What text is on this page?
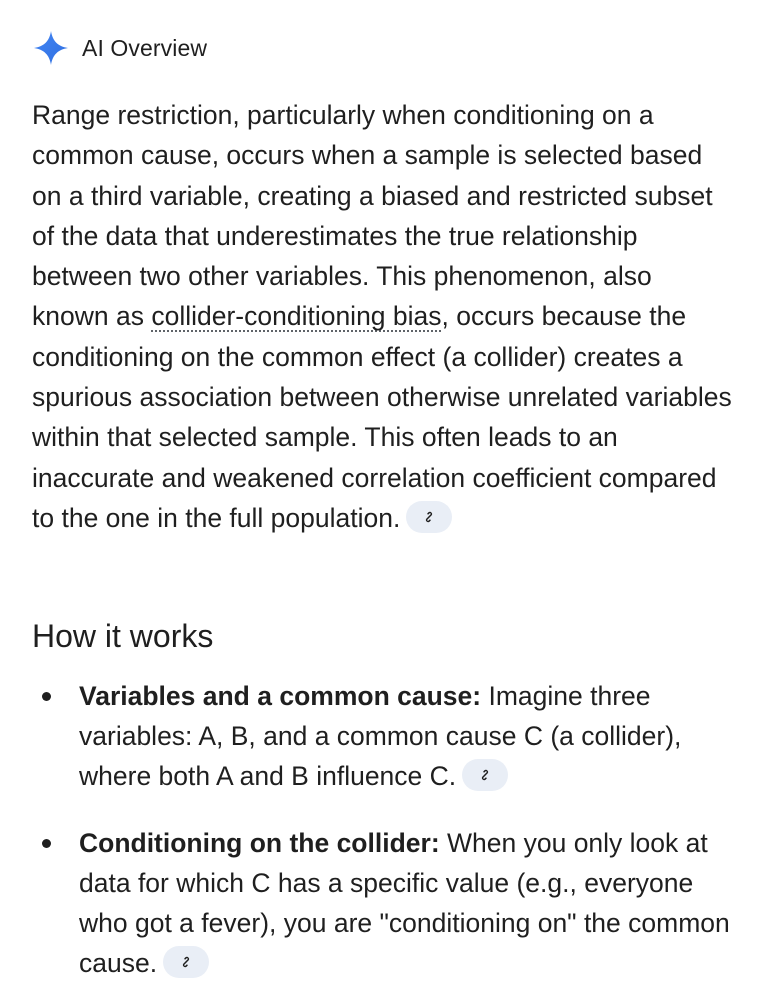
AI Overview

Range restriction, particularly when conditioning on a common cause, occurs when a sample is selected based on a third variable, creating a biased and restricted subset of the data that underestimates the true relationship between two other variables. This phenomenon, also known as collider-conditioning bias, occurs because the conditioning on the common effect (a collider) creates a spurious association between otherwise unrelated variables within that selected sample. This often leads to an inaccurate and weakened correlation coefficient compared to the one in the full population.

How it works
Variables and a common cause: Imagine three variables: A, B, and a common cause C (a collider), where both A and B influence C.
Conditioning on the collider: When you only look at data for which C has a specific value (e.g., everyone who got a fever), you are "conditioning on" the common cause.
